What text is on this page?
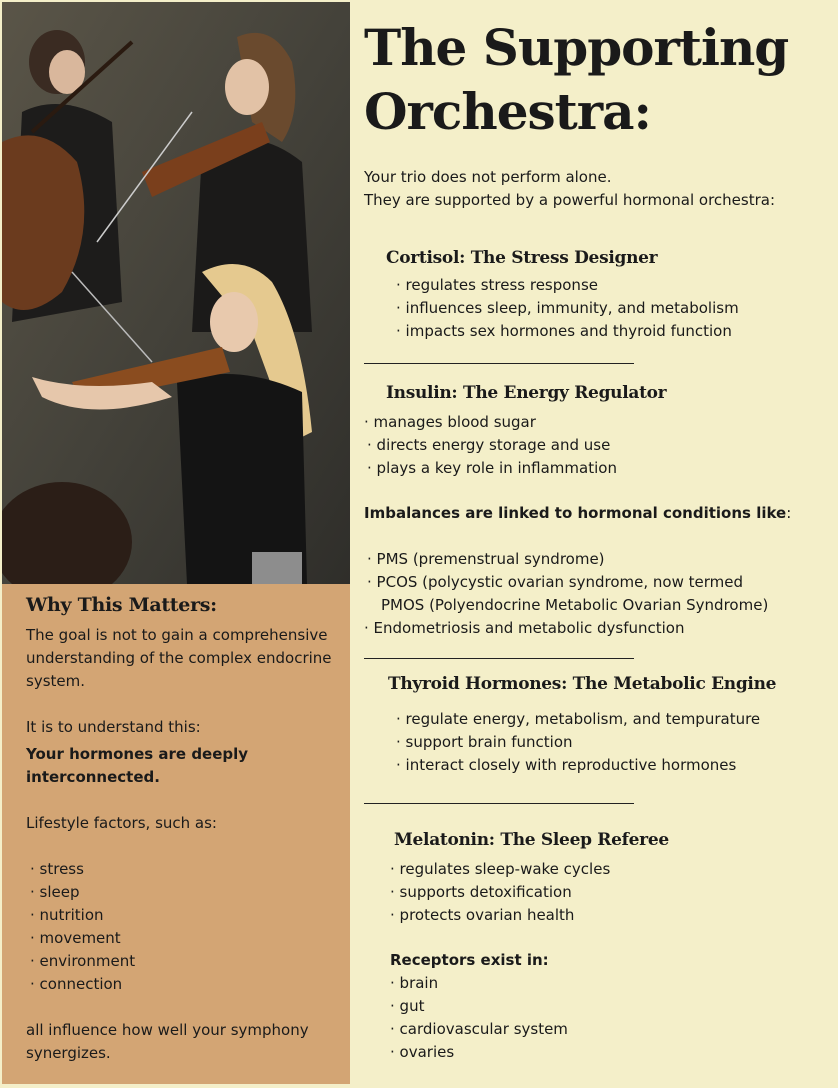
Why This Matters:

The goal is not to gain a comprehensive understanding of the complex endocrine system.

It is to understand this:

Your hormones are deeply interconnected.

Lifestyle factors, such as:

· stress
· sleep
· nutrition
· movement
· environment
· connection

all influence how well your symphony synergizes.

The Supporting Orchestra:
Your trio does not perform alone.
They are supported by a powerful hormonal orchestra:
Cortisol: The Stress Designer
· regulates stress response
· influences sleep, immunity, and metabolism
· impacts sex hormones and thyroid function
Insulin: The Energy Regulator
· manages blood sugar
· directs energy storage and use
· plays a key role in inflammation
Imbalances are linked to hormonal conditions like:
· PMS (premenstrual syndrome)
· PCOS (polycystic ovarian syndrome, now termed
PMOS (Polyendocrine Metabolic Ovarian Syndrome)
· Endometriosis and metabolic dysfunction
Thyroid Hormones: The Metabolic Engine
· regulate energy, metabolism, and tempurature
· support brain function
· interact closely with reproductive hormones
Melatonin: The Sleep Referee
· regulates sleep-wake cycles
· supports detoxification
· protects ovarian health
Receptors exist in:
· brain
· gut
· cardiovascular system
· ovaries
